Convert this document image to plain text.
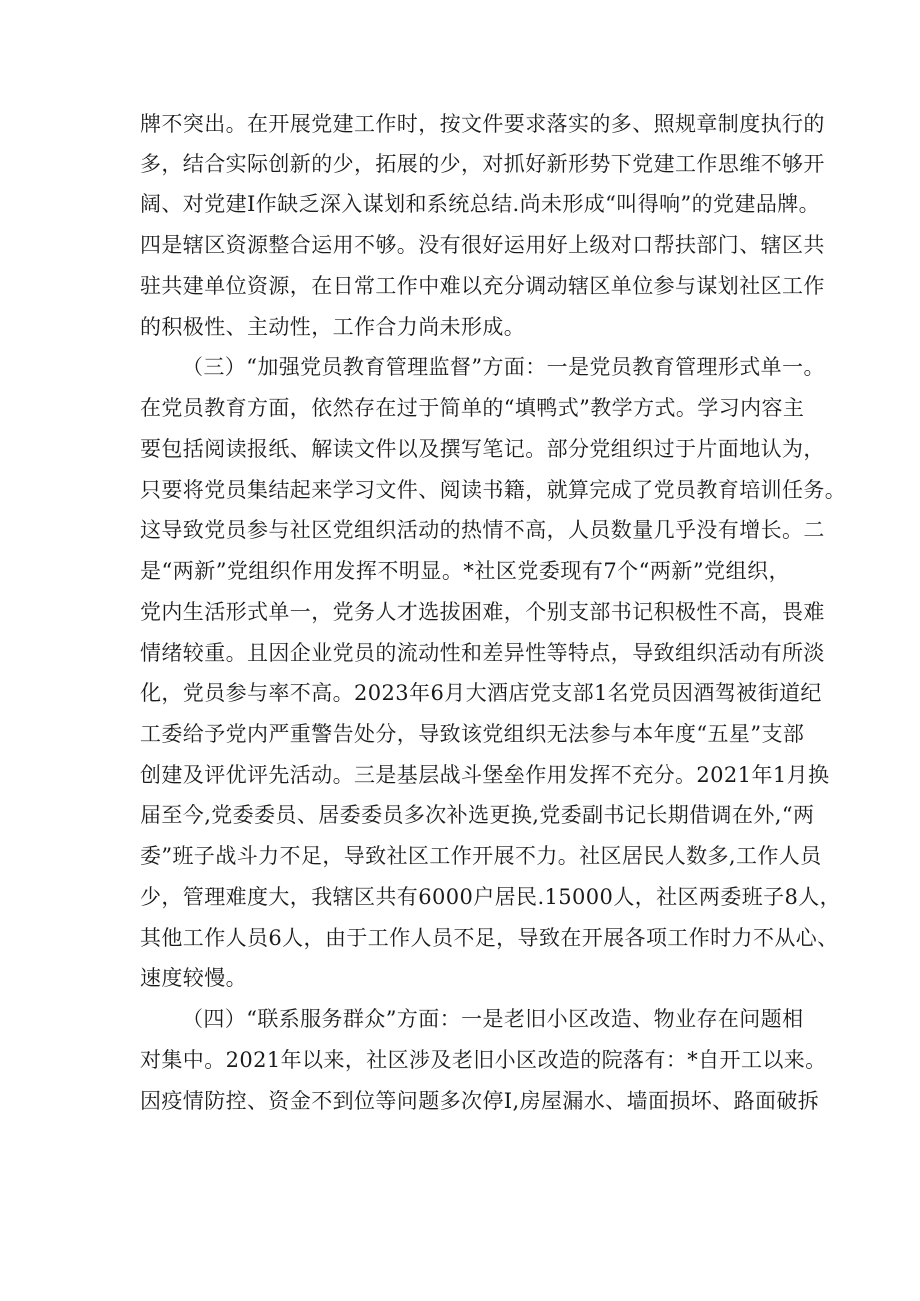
牌不突出。在开展党建工作时，按文件要求落实的多、照规章制度执行的
多，结合实际创新的少，拓展的少，对抓好新形势下党建工作思维不够开
阔、对党建I作缺乏深入谋划和系统总结.尚未形成“叫得响”的党建品牌。
四是辖区资源整合运用不够。没有很好运用好上级对口帮扶部门、辖区共
驻共建单位资源，在日常工作中难以充分调动辖区单位参与谋划社区工作
的积极性、主动性，工作合力尚未形成。
（三）“加强党员教育管理监督”方面：一是党员教育管理形式单一。
在党员教育方面，依然存在过于简单的“填鸭式”教学方式。学习内容主
要包括阅读报纸、解读文件以及撰写笔记。部分党组织过于片面地认为，
只要将党员集结起来学习文件、阅读书籍，就算完成了党员教育培训任务。
这导致党员参与社区党组织活动的热情不高，人员数量几乎没有增长。二
是“两新”党组织作用发挥不明显。*社区党委现有7个“两新”党组织，
党内生活形式单一，党务人才选拔困难，个别支部书记积极性不高，畏难
情绪较重。且因企业党员的流动性和差异性等特点，导致组织活动有所淡
化，党员参与率不高。2023年6月大酒店党支部1名党员因酒驾被街道纪
工委给予党内严重警告处分，导致该党组织无法参与本年度“五星”支部
创建及评优评先活动。三是基层战斗堡垒作用发挥不充分。2021年1月换
届至今,党委委员、居委委员多次补选更换,党委副书记长期借调在外,“两
委”班子战斗力不足，导致社区工作开展不力。社区居民人数多,工作人员
少，管理难度大，我辖区共有6000户居民.15000人，社区两委班子8人，
其他工作人员6人，由于工作人员不足，导致在开展各项工作时力不从心、
速度较慢。
（四）“联系服务群众”方面：一是老旧小区改造、物业存在问题相
对集中。2021年以来，社区涉及老旧小区改造的院落有：*自开工以来。
因疫情防控、资金不到位等问题多次停I,房屋漏水、墙面损坏、路面破拆
